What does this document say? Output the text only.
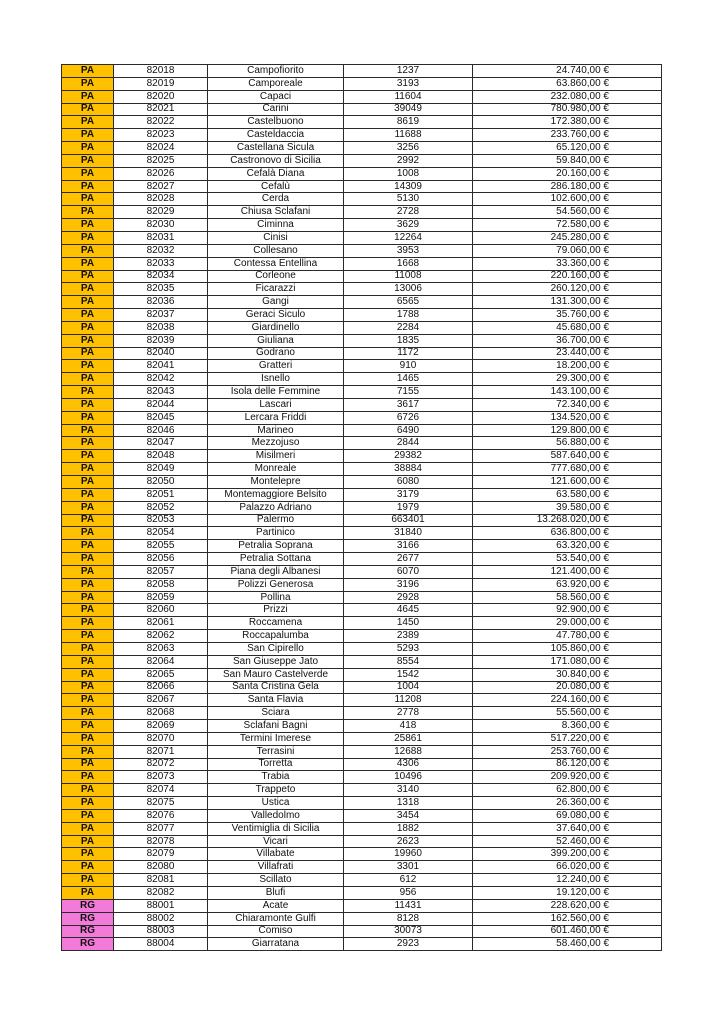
PA	82018	Campofiorito	1237	24.740,00 €
PA	82019	Camporeale	3193	63.860,00 €
PA	82020	Capaci	11604	232.080,00 €
PA	82021	Carini	39049	780.980,00 €
PA	82022	Castelbuono	8619	172.380,00 €
PA	82023	Casteldaccia	11688	233.760,00 €
PA	82024	Castellana Sicula	3256	65.120,00 €
PA	82025	Castronovo di Sicilia	2992	59.840,00 €
PA	82026	Cefalà Diana	1008	20.160,00 €
PA	82027	Cefalù	14309	286.180,00 €
PA	82028	Cerda	5130	102.600,00 €
PA	82029	Chiusa Sclafani	2728	54.560,00 €
PA	82030	Ciminna	3629	72.580,00 €
PA	82031	Cinisi	12264	245.280,00 €
PA	82032	Collesano	3953	79.060,00 €
PA	82033	Contessa Entellina	1668	33.360,00 €
PA	82034	Corleone	11008	220.160,00 €
PA	82035	Ficarazzi	13006	260.120,00 €
PA	82036	Gangi	6565	131.300,00 €
PA	82037	Geraci Siculo	1788	35.760,00 €
PA	82038	Giardinello	2284	45.680,00 €
PA	82039	Giuliana	1835	36.700,00 €
PA	82040	Godrano	1172	23.440,00 €
PA	82041	Gratteri	910	18.200,00 €
PA	82042	Isnello	1465	29.300,00 €
PA	82043	Isola delle Femmine	7155	143.100,00 €
PA	82044	Lascari	3617	72.340,00 €
PA	82045	Lercara Friddi	6726	134.520,00 €
PA	82046	Marineo	6490	129.800,00 €
PA	82047	Mezzojuso	2844	56.880,00 €
PA	82048	Misilmeri	29382	587.640,00 €
PA	82049	Monreale	38884	777.680,00 €
PA	82050	Montelepre	6080	121.600,00 €
PA	82051	Montemaggiore Belsito	3179	63.580,00 €
PA	82052	Palazzo Adriano	1979	39.580,00 €
PA	82053	Palermo	663401	13.268.020,00 €
PA	82054	Partinico	31840	636.800,00 €
PA	82055	Petralia Soprana	3166	63.320,00 €
PA	82056	Petralia Sottana	2677	53.540,00 €
PA	82057	Piana degli Albanesi	6070	121.400,00 €
PA	82058	Polizzi Generosa	3196	63.920,00 €
PA	82059	Pollina	2928	58.560,00 €
PA	82060	Prizzi	4645	92.900,00 €
PA	82061	Roccamena	1450	29.000,00 €
PA	82062	Roccapalumba	2389	47.780,00 €
PA	82063	San Cipirello	5293	105.860,00 €
PA	82064	San Giuseppe Jato	8554	171.080,00 €
PA	82065	San Mauro Castelverde	1542	30.840,00 €
PA	82066	Santa Cristina Gela	1004	20.080,00 €
PA	82067	Santa Flavia	11208	224.160,00 €
PA	82068	Sciara	2778	55.560,00 €
PA	82069	Sclafani Bagni	418	8.360,00 €
PA	82070	Termini Imerese	25861	517.220,00 €
PA	82071	Terrasini	12688	253.760,00 €
PA	82072	Torretta	4306	86.120,00 €
PA	82073	Trabia	10496	209.920,00 €
PA	82074	Trappeto	3140	62.800,00 €
PA	82075	Ustica	1318	26.360,00 €
PA	82076	Valledolmo	3454	69.080,00 €
PA	82077	Ventimiglia di Sicilia	1882	37.640,00 €
PA	82078	Vicari	2623	52.460,00 €
PA	82079	Villabate	19960	399.200,00 €
PA	82080	Villafrati	3301	66.020,00 €
PA	82081	Scillato	612	12.240,00 €
PA	82082	Blufi	956	19.120,00 €
RG	88001	Acate	11431	228.620,00 €
RG	88002	Chiaramonte Gulfi	8128	162.560,00 €
RG	88003	Comiso	30073	601.460,00 €
RG	88004	Giarratana	2923	58.460,00 €
